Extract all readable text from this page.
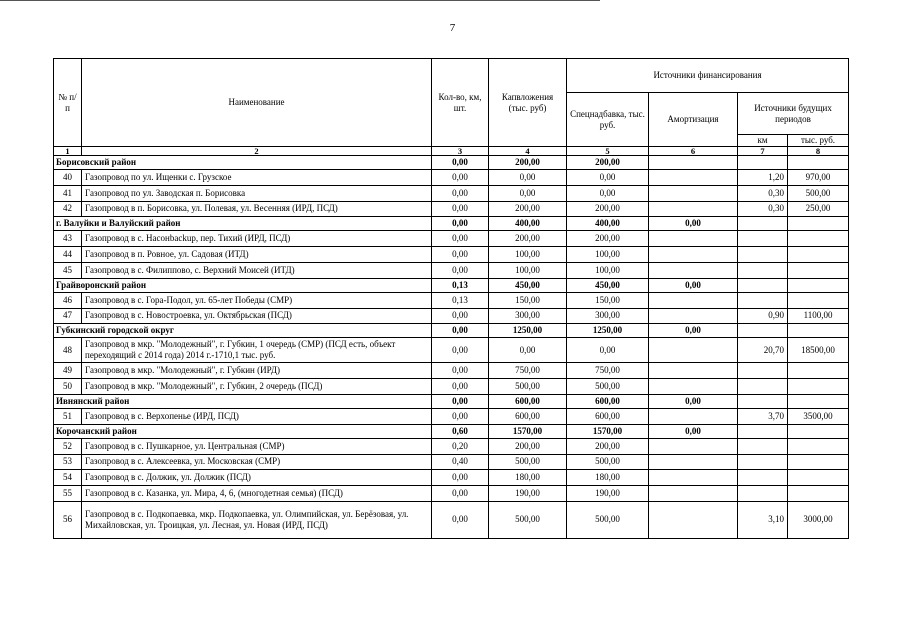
7
№ п/п	Наименование	Кол-во, км, шт.	Капвложения (тыс. руб)	Источники финансирования			
				Спецнадбавка, тыс. руб.	Амортизация	Источники будущих периодов	
						км	тыс. руб.
1	2	3	4	5	6	7	8
Борисовский район		0,00	200,00	200,00			
40	Газопровод по ул. Ищенки с. Грузское	0,00	0,00	0,00		1,20	970,00
41	Газопровод по ул. Заводская п. Борисовка	0,00	0,00	0,00		0,30	500,00
42	Газопровод в п. Борисовка, ул. Полевая, ул. Весенняя (ИРД, ПСД)	0,00	200,00	200,00		0,30	250,00
г. Валуйки и Валуйский район		0,00	400,00	400,00	0,00		
43	Газопровод в с. Насонbackup, пер. Тихий (ИРД, ПСД)	0,00	200,00	200,00			
44	Газопровод в п. Ровное, ул. Садовая (ИТД)	0,00	100,00	100,00			
45	Газопровод в с. Филиппово, с. Верхний Моисей (ИТД)	0,00	100,00	100,00			
Грайворонский район		0,13	450,00	450,00	0,00		
46	Газопровод в с. Гора-Подол, ул. 65-лет Победы (СМР)	0,13	150,00	150,00			
47	Газопровод в с. Новостроевка, ул. Октябрьская (ПСД)	0,00	300,00	300,00		0,90	1100,00
Губкинский городской округ		0,00	1250,00	1250,00	0,00		
48	Газопровод в мкр. "Молодежный", г. Губкин, 1 очередь (СМР) (ПСД есть, объект переходящий с 2014 года) 2014 г.-1710,1 тыс. руб.	0,00	0,00	0,00		20,70	18500,00
49	Газопровод в мкр. "Молодежный", г. Губкин (ИРД)	0,00	750,00	750,00			
50	Газопровод в мкр. "Молодежный", г. Губкин, 2 очередь (ПСД)	0,00	500,00	500,00			
Ивнянский район		0,00	600,00	600,00	0,00		
51	Газопровод в с. Верхопенье (ИРД, ПСД)	0,00	600,00	600,00		3,70	3500,00
Корочанский район		0,60	1570,00	1570,00	0,00		
52	Газопровод в с. Пушкарное, ул. Центральная (СМР)	0,20	200,00	200,00			
53	Газопровод в с. Алексеевка, ул. Московская (СМР)	0,40	500,00	500,00			
54	Газопровод в с. Должик, ул. Должик (ПСД)	0,00	180,00	180,00			
55	Газопровод в с. Казанка, ул. Мира, 4, 6, (многодетная семья) (ПСД)	0,00	190,00	190,00			
56	Газопровод в с. Подкопаевка, мкр. Подкопаевка, ул. Олимпийская, ул. Берёзовая, ул. Михайловская, ул. Троицкая, ул. Лесная, ул. Новая (ИРД, ПСД)	0,00	500,00	500,00		3,10	3000,00
